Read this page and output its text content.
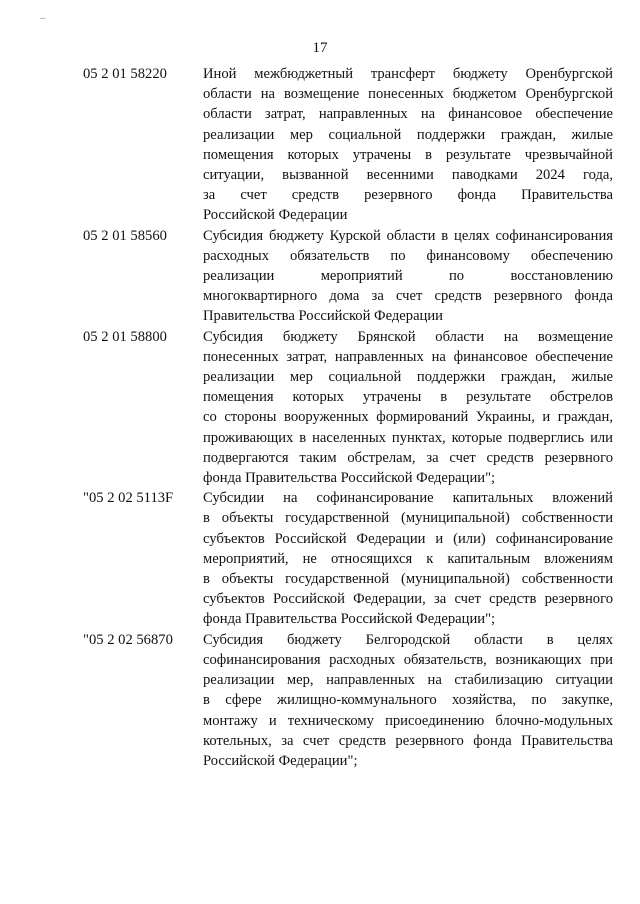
–
17
05 2 01 58220	Иной межбюджетный трансферт бюджету Оренбургской
области на возмещение понесенных бюджетом Оренбургской
области затрат, направленных на финансовое обеспечение
реализации мер социальной поддержки граждан, жилые
помещения которых утрачены в результате чрезвычайной
ситуации, вызванной весенними паводками 2024 года,
за счет средств резервного фонда Правительства
Российской Федерации
05 2 01 58560	Субсидия бюджету Курской области в целях софинансирования
расходных обязательств по финансовому обеспечению
реализации мероприятий по восстановлению
многоквартирного дома за счет средств резервного фонда
Правительства Российской Федерации
05 2 01 58800	Субсидия бюджету Брянской области на возмещение
понесенных затрат, направленных на финансовое обеспечение
реализации мер социальной поддержки граждан, жилые
помещения которых утрачены в результате обстрелов
со стороны вооруженных формирований Украины, и граждан,
проживающих в населенных пунктах, которые подверглись или
подвергаются таким обстрелам, за счет средств резервного
фонда Правительства Российской Федерации";
"05 2 02 5113F	Субсидии на софинансирование капитальных вложений
в объекты государственной (муниципальной) собственности
субъектов Российской Федерации и (или) софинансирование
мероприятий, не относящихся к капитальным вложениям
в объекты государственной (муниципальной) собственности
субъектов Российской Федерации, за счет средств резервного
фонда Правительства Российской Федерации";
"05 2 02 56870	Субсидия бюджету Белгородской области в целях
софинансирования расходных обязательств, возникающих при
реализации мер, направленных на стабилизацию ситуации
в сфере жилищно-коммунального хозяйства, по закупке,
монтажу и техническому присоединению блочно-модульных
котельных, за счет средств резервного фонда Правительства
Российской Федерации";
